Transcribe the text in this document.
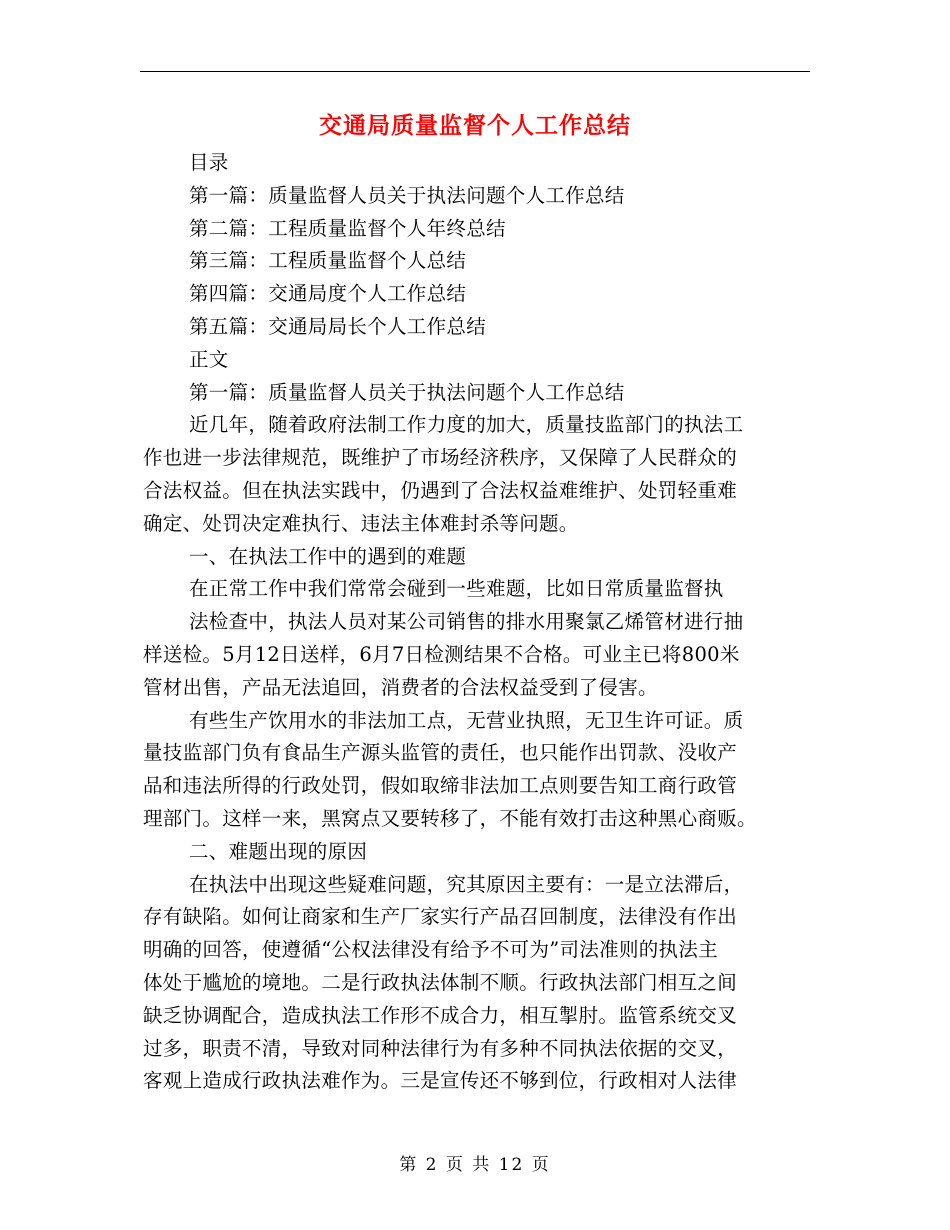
交通局质量监督个人工作总结
目录
第一篇：质量监督人员关于执法问题个人工作总结
第二篇：工程质量监督个人年终总结
第三篇：工程质量监督个人总结
第四篇：交通局度个人工作总结
第五篇：交通局局长个人工作总结
正文
第一篇：质量监督人员关于执法问题个人工作总结
近几年，随着政府法制工作力度的加大，质量技监部门的执法工
作也进一步法律规范，既维护了市场经济秩序，又保障了人民群众的
合法权益。但在执法实践中，仍遇到了合法权益难维护、处罚轻重难
确定、处罚决定难执行、违法主体难封杀等问题。
一、在执法工作中的遇到的难题
在正常工作中我们常常会碰到一些难题，比如日常质量监督执
法检查中，执法人员对某公司销售的排水用聚氯乙烯管材进行抽
样送检。5月12日送样，6月7日检测结果不合格。可业主已将800米
管材出售，产品无法追回，消费者的合法权益受到了侵害。
有些生产饮用水的非法加工点，无营业执照，无卫生许可证。质
量技监部门负有食品生产源头监管的责任，也只能作出罚款、没收产
品和违法所得的行政处罚，假如取缔非法加工点则要告知工商行政管
理部门。这样一来，黑窝点又要转移了，不能有效打击这种黑心商贩。
二、难题出现的原因
在执法中出现这些疑难问题，究其原因主要有：一是立法滞后，
存有缺陷。如何让商家和生产厂家实行产品召回制度，法律没有作出
明确的回答，使遵循“公权法律没有给予不可为”司法准则的执法主
体处于尴尬的境地。二是行政执法体制不顺。行政执法部门相互之间
缺乏协调配合，造成执法工作形不成合力，相互掣肘。监管系统交叉
过多，职责不清，导致对同种法律行为有多种不同执法依据的交叉，
客观上造成行政执法难作为。三是宣传还不够到位，行政相对人法律
第 2 页 共 12 页
